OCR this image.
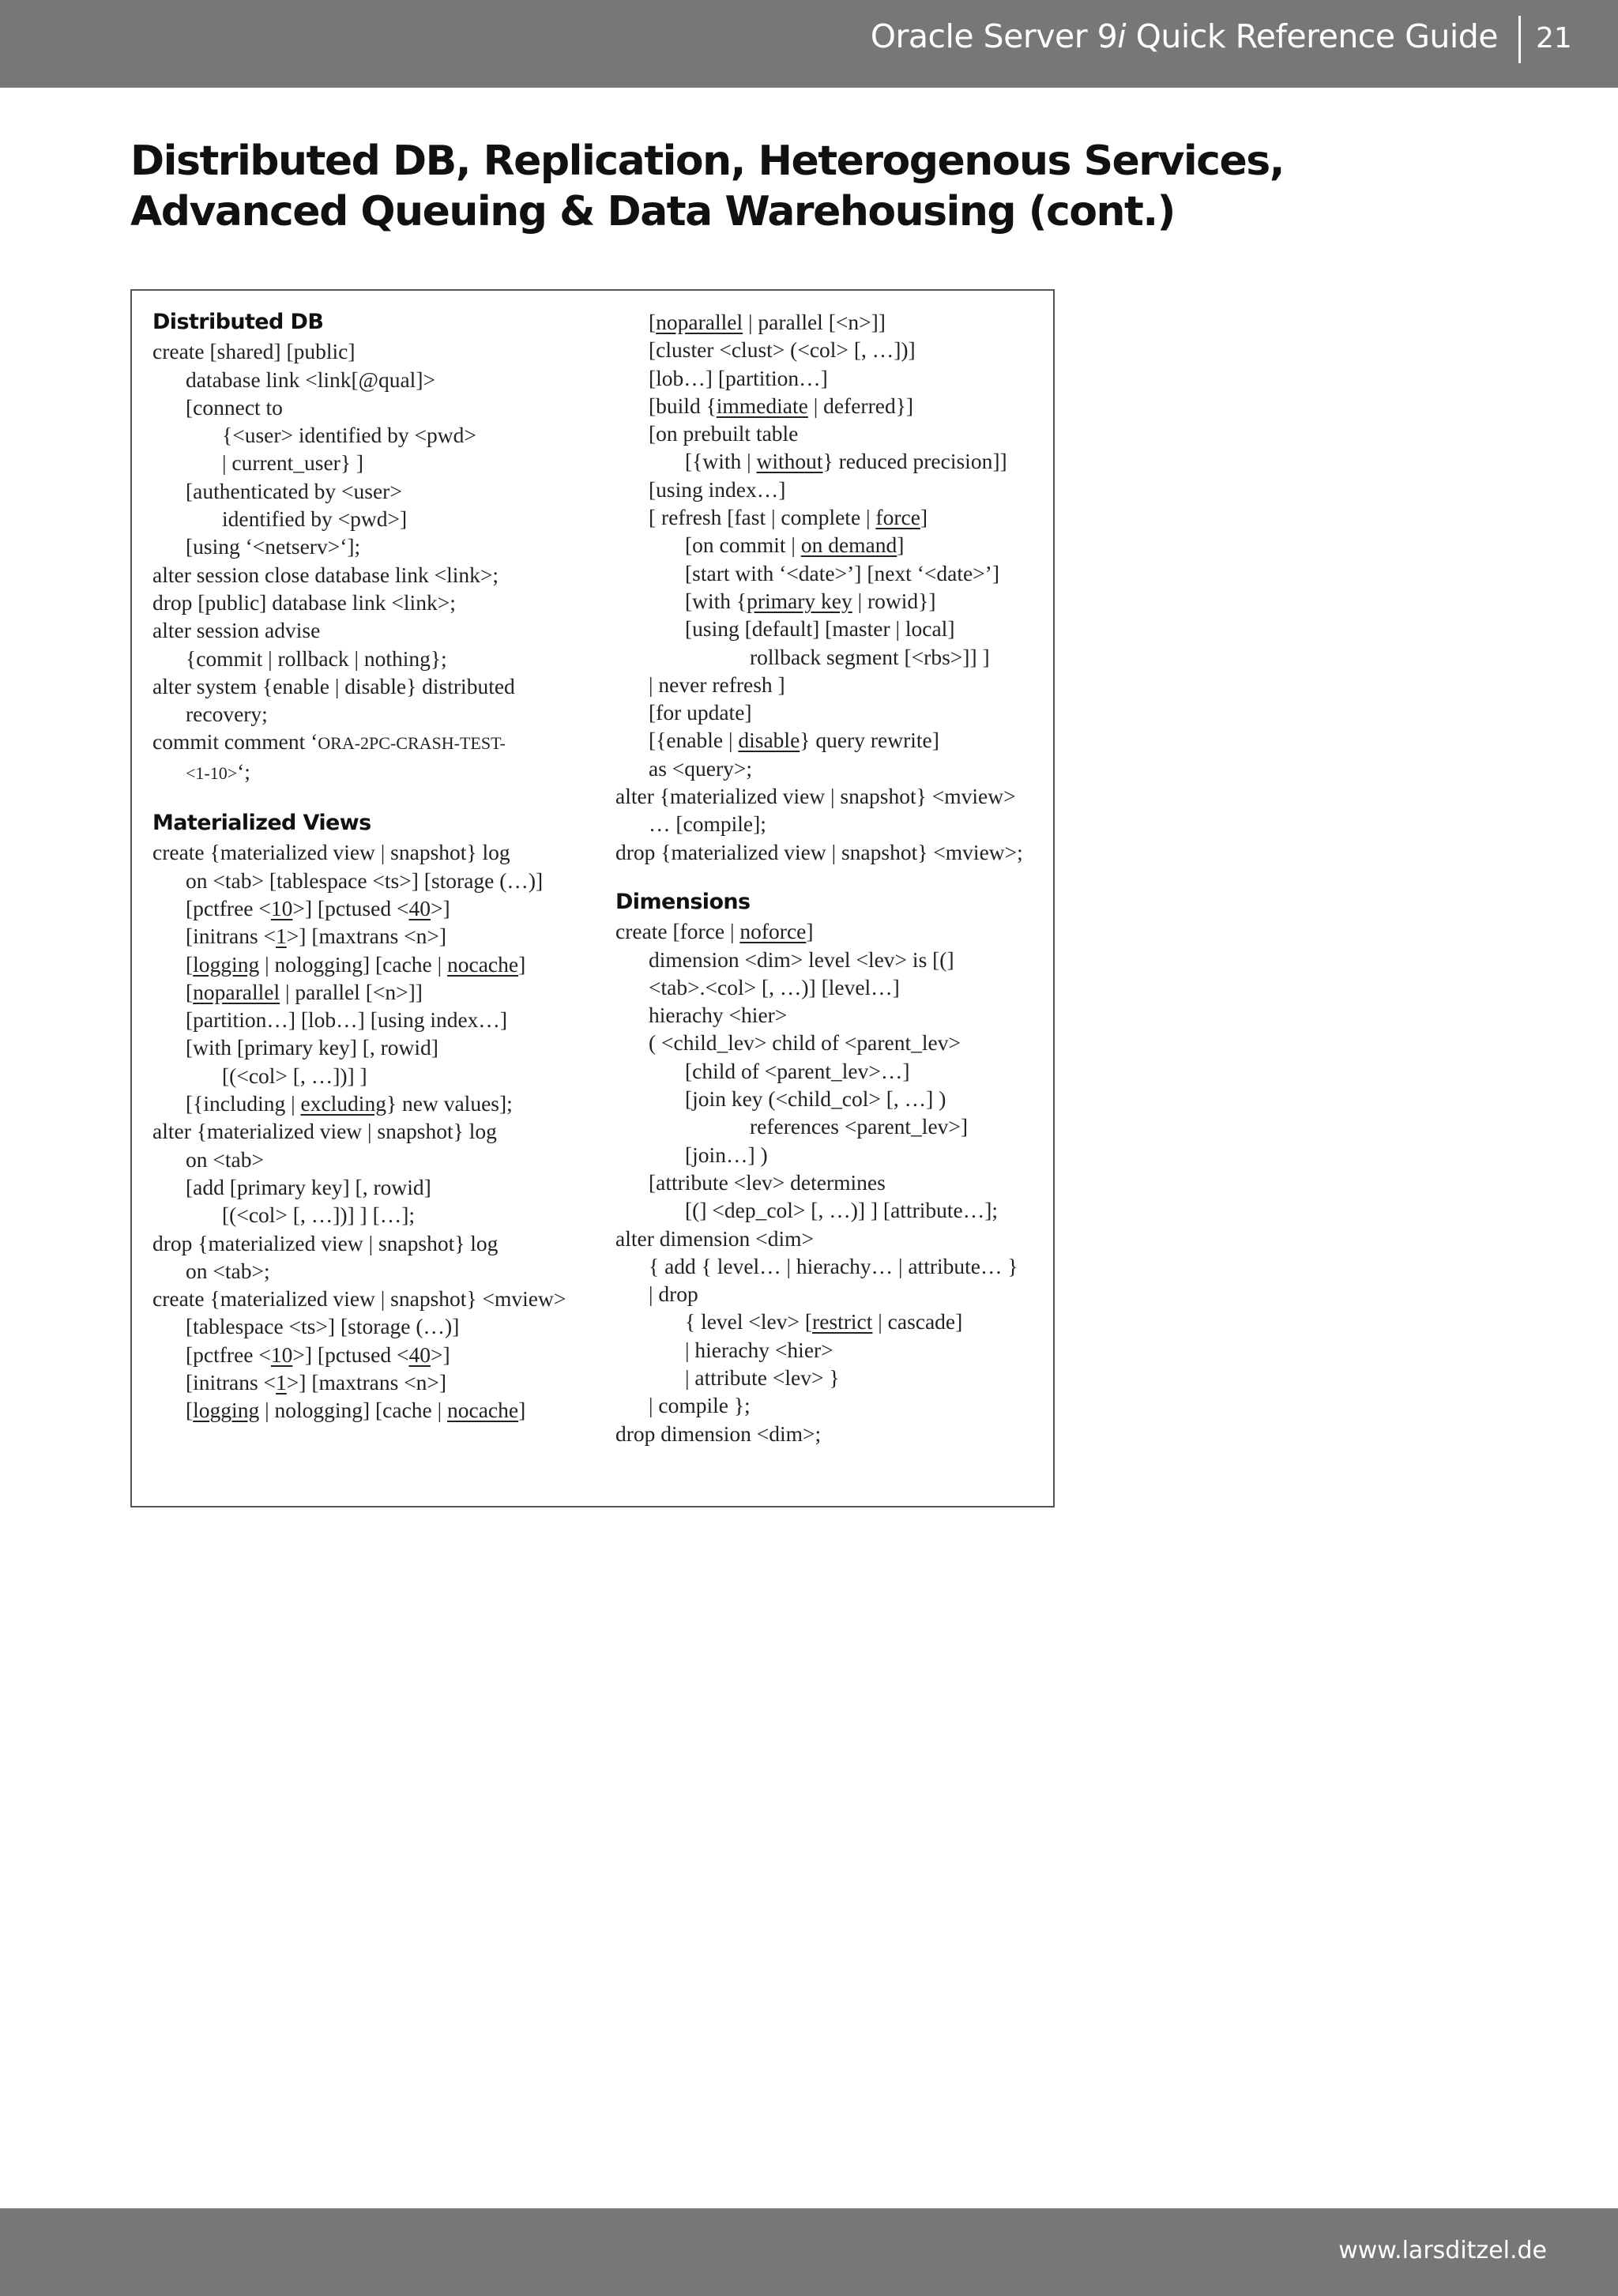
Oracle Server 9i Quick Reference Guide 21
Distributed DB, Replication, Heterogenous Services,
Advanced Queuing & Data Warehousing (cont.)
Distributed DB
create [shared] [public]
database link <link[@qual]>
[connect to
{<user> identified by <pwd>
| current_user} ]
[authenticated by <user>
identified by <pwd>]
[using ‘<netserv>‘];
alter session close database link <link>;
drop [public] database link <link>;
alter session advise
{commit | rollback | nothing};
alter system {enable | disable} distributed
recovery;
commit comment ‘ORA-2PC-CRASH-TEST-
<1-10>‘;
Materialized Views
create {materialized view | snapshot} log
on <tab> [tablespace <ts>] [storage (…)]
[pctfree <10>] [pctused <40>]
[initrans <1>] [maxtrans <n>]
[logging | nologging] [cache | nocache]
[noparallel | parallel [<n>]]
[partition…] [lob…] [using index…]
[with [primary key] [, rowid]
[(<col> [, …])] ]
[{including | excluding} new values];
alter {materialized view | snapshot} log
on <tab>
[add [primary key] [, rowid]
[(<col> [, …])] ] […];
drop {materialized view | snapshot} log
on <tab>;
create {materialized view | snapshot} <mview>
[tablespace <ts>] [storage (…)]
[pctfree <10>] [pctused <40>]
[initrans <1>] [maxtrans <n>]
[logging | nologging] [cache | nocache]
[noparallel | parallel [<n>]]
[cluster <clust> (<col> [, …])]
[lob…] [partition…]
[build {immediate | deferred}]
[on prebuilt table
[{with | without} reduced precision]]
[using index…]
[ refresh [fast | complete | force]
[on commit | on demand]
[start with ‘<date>’] [next ‘<date>’]
[with {primary key | rowid}]
[using [default] [master | local]
rollback segment [<rbs>]] ]
| never refresh ]
[for update]
[{enable | disable} query rewrite]
as <query>;
alter {materialized view | snapshot} <mview>
… [compile];
drop {materialized view | snapshot} <mview>;
Dimensions
create [force | noforce]
dimension <dim> level <lev> is [(]
<tab>.<col> [, …)] [level…]
hierachy <hier>
( <child_lev> child of <parent_lev>
[child of <parent_lev>…]
[join key (<child_col> [, …] )
references <parent_lev>]
[join…] )
[attribute <lev> determines
[(] <dep_col> [, …)] ] [attribute…];
alter dimension <dim>
{ add { level… | hierachy… | attribute… }
| drop
{ level <lev> [restrict | cascade]
| hierachy <hier>
| attribute <lev> }
| compile };
drop dimension <dim>;
www.larsditzel.de
